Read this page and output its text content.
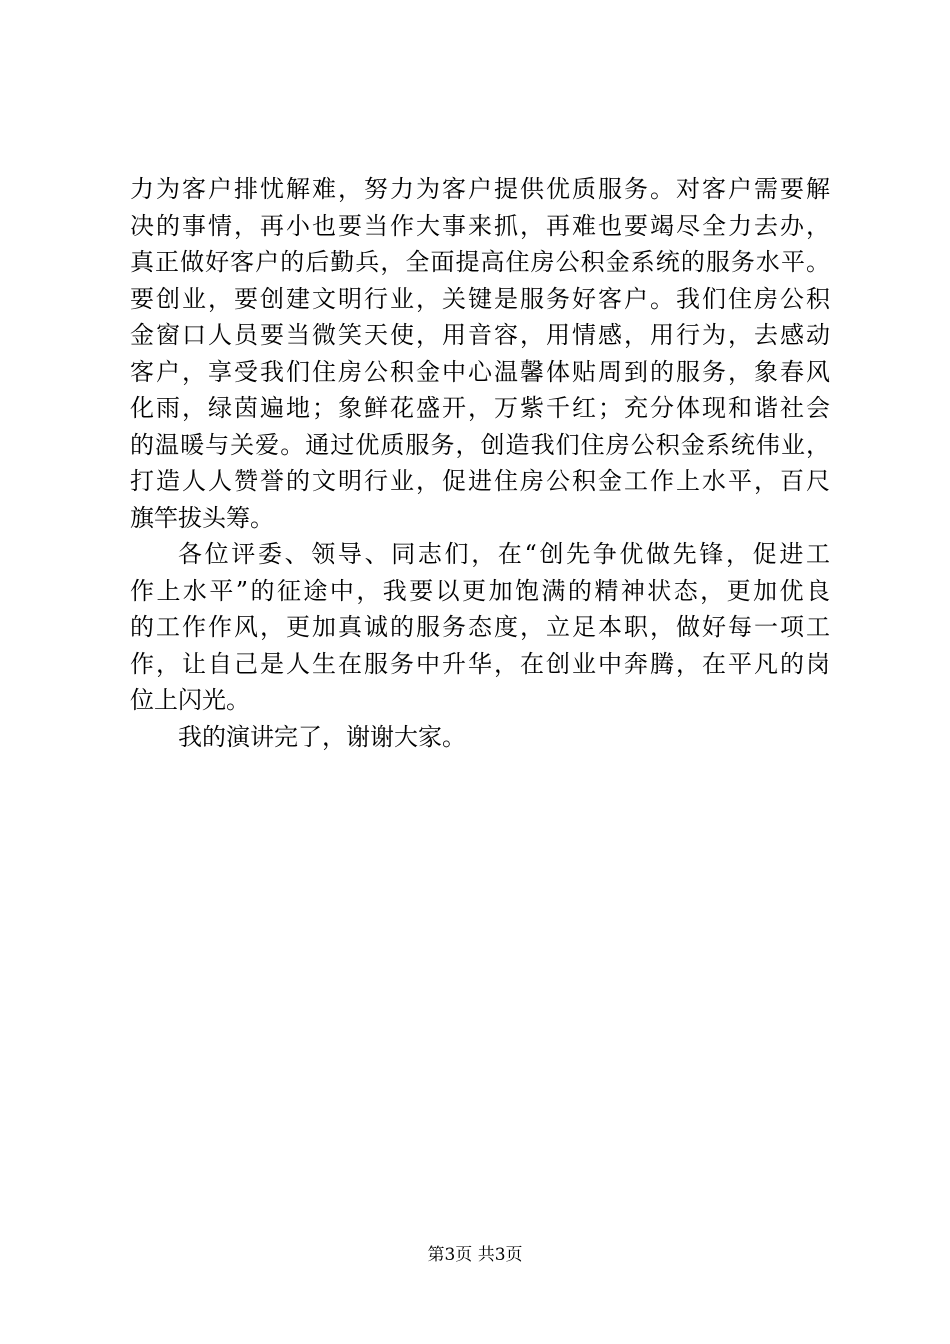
力为客户排忧解难，努力为客户提供优质服务。对客户需要解
决的事情，再小也要当作大事来抓，再难也要竭尽全力去办，
真正做好客户的后勤兵，全面提高住房公积金系统的服务水平。
要创业，要创建文明行业，关键是服务好客户。我们住房公积
金窗口人员要当微笑天使，用音容，用情感，用行为，去感动
客户，享受我们住房公积金中心温馨体贴周到的服务，象春风
化雨，绿茵遍地；象鲜花盛开，万紫千红；充分体现和谐社会
的温暖与关爱。通过优质服务，创造我们住房公积金系统伟业，
打造人人赞誉的文明行业，促进住房公积金工作上水平，百尺
旗竿拔头筹。
各位评委、领导、同志们，在“创先争优做先锋，促进工
作上水平”的征途中，我要以更加饱满的精神状态，更加优良
的工作作风，更加真诚的服务态度，立足本职，做好每一项工
作，让自己是人生在服务中升华，在创业中奔腾，在平凡的岗
位上闪光。
我的演讲完了，谢谢大家。
第3页 共3页
